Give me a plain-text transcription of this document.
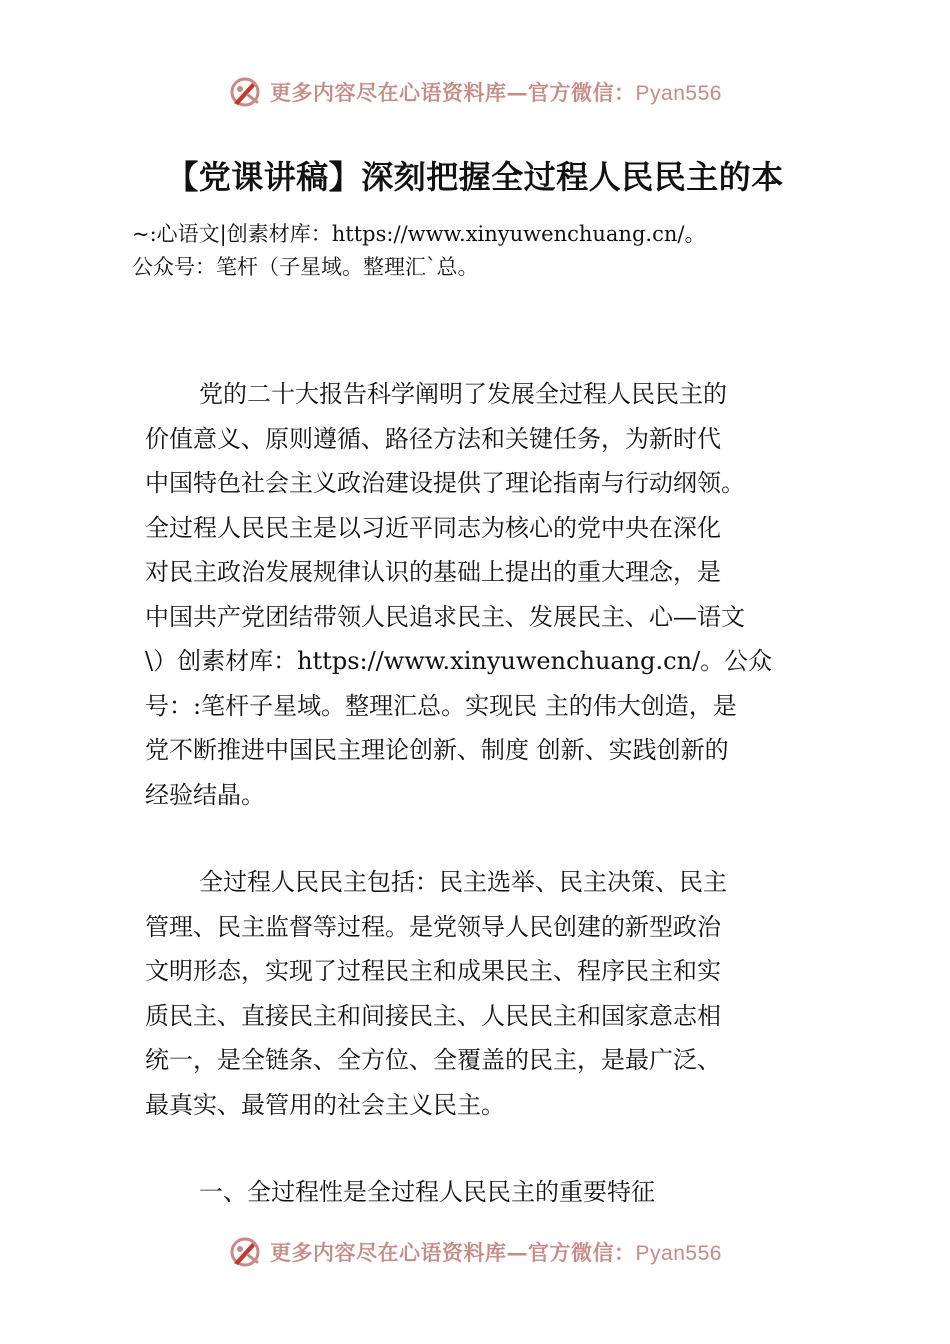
更多内容尽在心语资料库—官方微信：Pyan556
【党课讲稿】深刻把握全过程人民民主的本
~:心语文|创素材库：https://www.xinyuwenchuang.cn/。
公众号：笔杆（子星域。整理汇`总。
党的二十大报告科学阐明了发展全过程人民民主的
价值意义、原则遵循、路径方法和关键任务，为新时代
中国特色社会主义政治建设提供了理论指南与行动纲领。
全过程人民民主是以习近平同志为核心的党中央在深化
对民主政治发展规律认识的基础上提出的重大理念，是
中国共产党团结带领人民追求民主、发展民主、心—语文
\）创素材库：https://www.xinyuwenchuang.cn/。公众
号：:笔杆子星域。整理汇总。实现民 主的伟大创造，是
党不断推进中国民主理论创新、制度 创新、实践创新的
经验结晶。
全过程人民民主包括：民主选举、民主决策、民主
管理、民主监督等过程。是党领导人民创建的新型政治
文明形态，实现了过程民主和成果民主、程序民主和实
质民主、直接民主和间接民主、人民民主和国家意志相
统一，是全链条、全方位、全覆盖的民主，是最广泛、
最真实、最管用的社会主义民主。
一、全过程性是全过程人民民主的重要特征
更多内容尽在心语资料库—官方微信：Pyan556
